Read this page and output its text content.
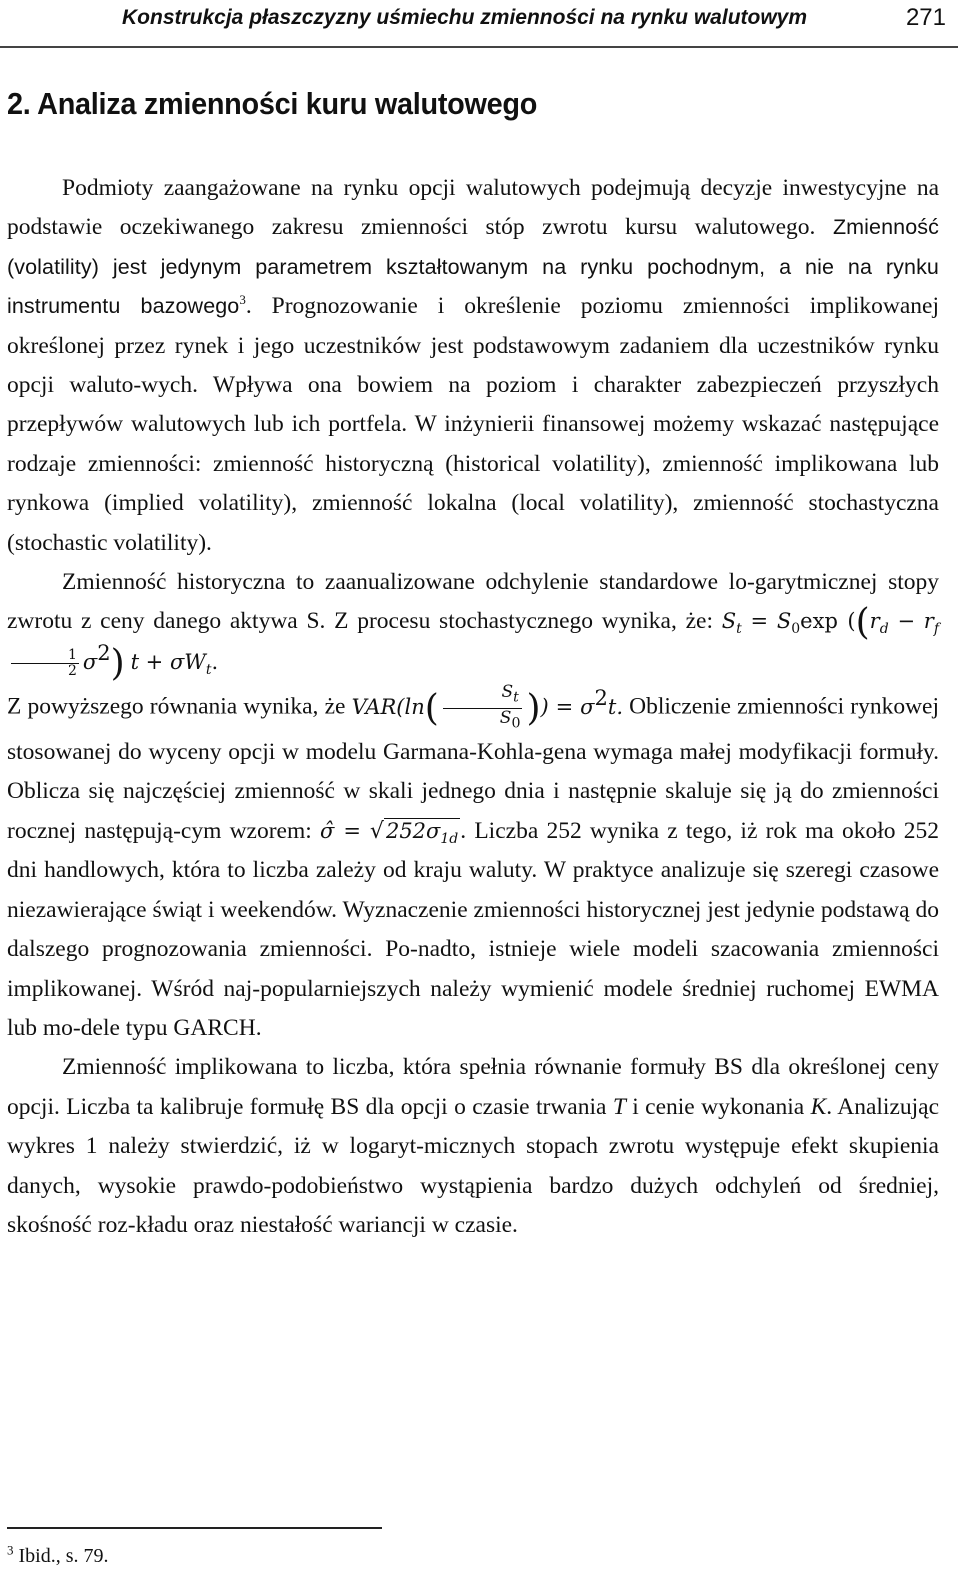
Konstrukcja płaszczyzny uśmiechu zmienności na rynku walutowym	271
2. Analiza zmienności kuru walutowego

Podmioty zaangażowane na rynku opcji walutowych podejmują decyzje inwestycyjne na podstawie oczekiwanego zakresu zmienności stóp zwrotu kursu walutowego. Zmienność (volatility) jest jedynym parametrem kształtowanym na rynku pochodnym, a nie na rynku instrumentu bazowego$^3$. Prognozowanie i określenie poziomu zmienności implikowanej określonej przez rynek i jego uczestników jest podstawowym zadaniem dla uczestników rynku opcji waluto-wych. Wpływa ona bowiem na poziom i charakter zabezpieczeń przyszłych przepływów walutowych lub ich portfela. W inżynierii finansowej możemy wskazać następujące rodzaje zmienności: zmienność historyczną (historical volatility), zmienność implikowana lub rynkowa (implied volatility), zmienność lokalna (local volatility), zmienność stochastyczna (stochastic volatility).

Zmienność historyczna to zaanualizowane odchylenie standardowe lo-garytmicznej stopy zwrotu z ceny danego aktywa S. Z procesu stochastycznego wynika, że: $S_t = S_0\exp$ (($r_d - r_f$
$\frac{1}{2} \sigma^2$) $t + \sigma W_t$.
Z powyższego równania wynika, że $VAR(\ln( \frac{S_t}{S_0}$ )) = $\sigma^2t$. Obliczenie zmienności rynkowej stosowanej do wyceny opcji w modelu Garmana-Kohla-gena wymaga małej modyfikacji formuły. Oblicza się najczęściej zmienność w skali jednego dnia i następnie skaluje się ją do zmienności rocznej następują-cym wzorem: σ̂ = $√252\sigma_{1d}$. Liczba 252 wynika z tego, iż rok ma około 252 dni handlowych, która to liczba zależy od kraju waluty. W praktyce analizuje się szeregi czasowe niezawierające świąt i weekendów. Wyznaczenie zmienności historycznej jest jedynie podstawą do dalszego prognozowania zmienności. Po-nadto, istnieje wiele modeli szacowania zmienności implikowanej. Wśród naj-popularniejszych należy wymienić modele średniej ruchomej EWMA lub mo-dele typu GARCH.

Zmienność implikowana to liczba, która spełnia równanie formuły BS dla określonej ceny opcji. Liczba ta kalibruje formułę BS dla opcji o czasie trwania T i cenie wykonania K. Analizując wykres 1 należy stwierdzić, iż w logaryt-micznych stopach zwrotu występuje efekt skupienia danych, wysokie prawdo-podobieństwo wystąpienia bardzo dużych odchyleń od średniej, skośność roz-kładu oraz niestałość wariancji w czasie.

$^3$ Ibid., s. 79.
